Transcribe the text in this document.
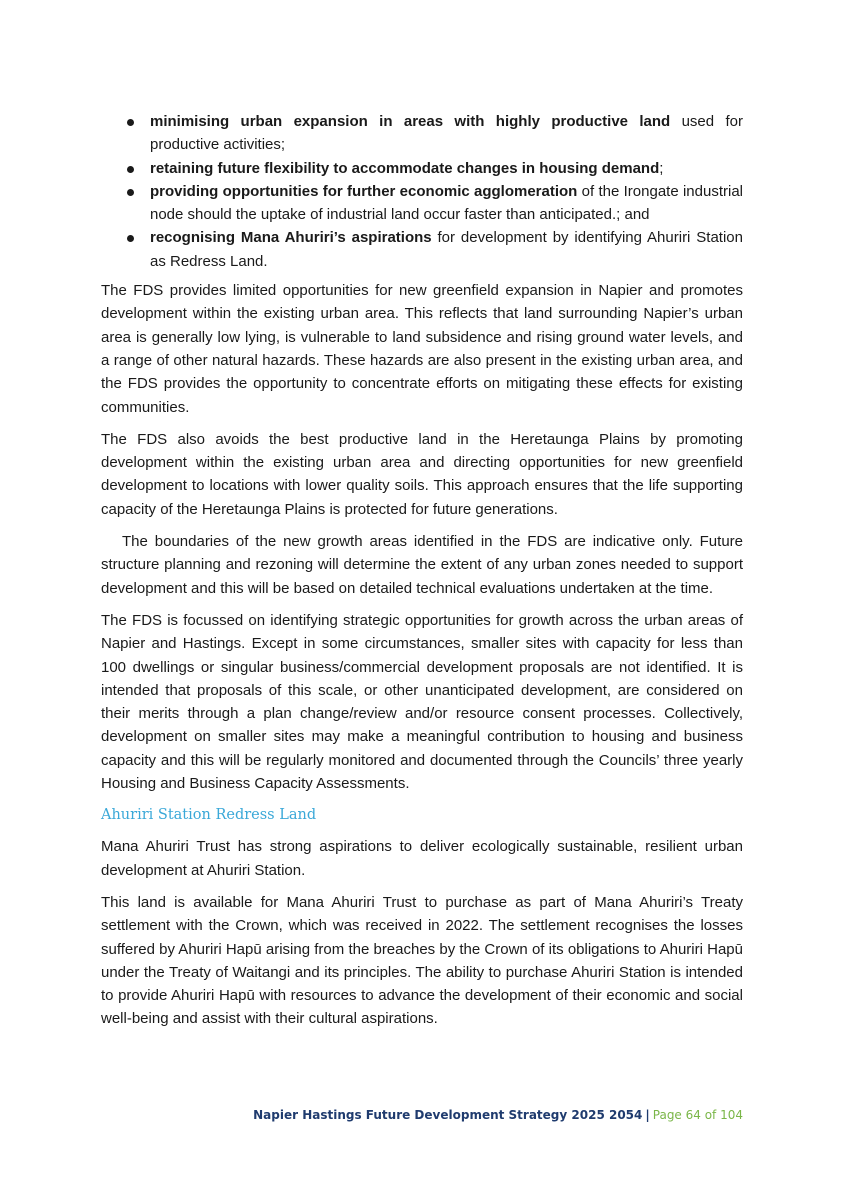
minimising urban expansion in areas with highly productive land used for productive activities;
retaining future flexibility to accommodate changes in housing demand;
providing opportunities for further economic agglomeration of the Irongate industrial node should the uptake of industrial land occur faster than anticipated.; and
recognising Mana Ahuriri’s aspirations for development by identifying Ahuriri Station as Redress Land.

The FDS provides limited opportunities for new greenfield expansion in Napier and promotes development within the existing urban area. This reflects that land surrounding Napier’s urban area is generally low lying, is vulnerable to land subsidence and rising ground water levels, and a range of other natural hazards. These hazards are also present in the existing urban area, and the FDS provides the opportunity to concentrate efforts on mitigating these effects for existing communities.

The FDS also avoids the best productive land in the Heretaunga Plains by promoting development within the existing urban area and directing opportunities for new greenfield development to locations with lower quality soils. This approach ensures that the life supporting capacity of the Heretaunga Plains is protected for future generations.

The boundaries of the new growth areas identified in the FDS are indicative only. Future structure planning and rezoning will determine the extent of any urban zones needed to support development and this will be based on detailed technical evaluations undertaken at the time.

The FDS is focussed on identifying strategic opportunities for growth across the urban areas of Napier and Hastings. Except in some circumstances, smaller sites with capacity for less than 100 dwellings or singular business/commercial development proposals are not identified. It is intended that proposals of this scale, or other unanticipated development, are considered on their merits through a plan change/review and/or resource consent processes. Collectively, development on smaller sites may make a meaningful contribution to housing and business capacity and this will be regularly monitored and documented through the Councils’ three yearly Housing and Business Capacity Assessments.

Ahuriri Station Redress Land

Mana Ahuriri Trust has strong aspirations to deliver ecologically sustainable, resilient urban development at Ahuriri Station.

This land is available for Mana Ahuriri Trust to purchase as part of Mana Ahuriri’s Treaty settlement with the Crown, which was received in 2022. The settlement recognises the losses suffered by Ahuriri Hapū arising from the breaches by the Crown of its obligations to Ahuriri Hapū under the Treaty of Waitangi and its principles. The ability to purchase Ahuriri Station is intended to provide Ahuriri Hapū with resources to advance the development of their economic and social well-being and assist with their cultural aspirations.

Napier Hastings Future Development Strategy 2025 2054 | Page 64 of 104
